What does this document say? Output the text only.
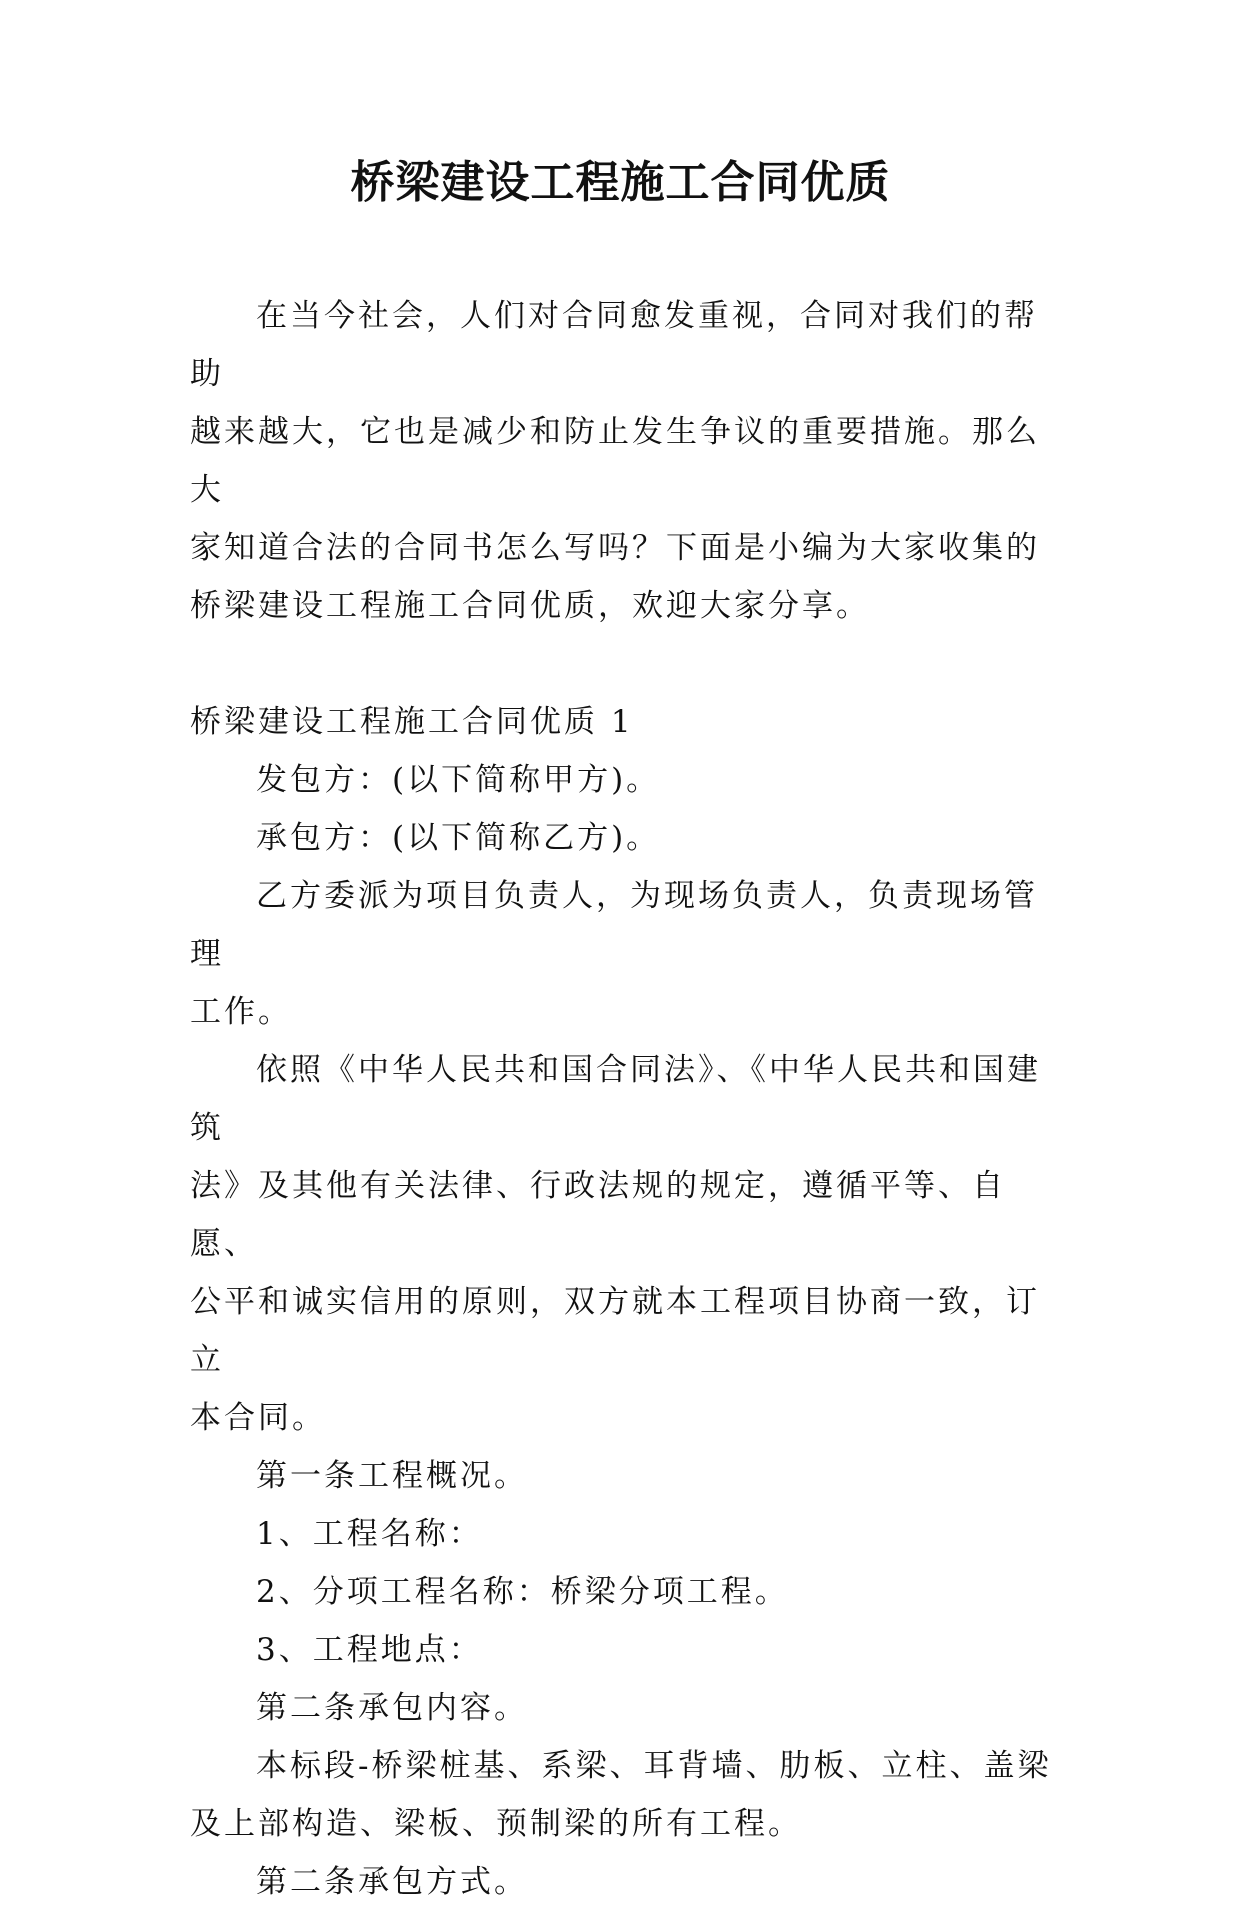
桥梁建设工程施工合同优质

在当今社会，人们对合同愈发重视，合同对我们的帮助

越来越大，它也是减少和防止发生争议的重要措施。那么大

家知道合法的合同书怎么写吗？下面是小编为大家收集的

桥梁建设工程施工合同优质，欢迎大家分享。

桥梁建设工程施工合同优质 1

发包方：(以下简称甲方)。

承包方：(以下简称乙方)。

乙方委派为项目负责人，为现场负责人，负责现场管理

工作。

依照《中华人民共和国合同法》、《中华人民共和国建筑

法》及其他有关法律、行政法规的规定，遵循平等、自愿、

公平和诚实信用的原则，双方就本工程项目协商一致，订立

本合同。

第一条工程概况。

1、工程名称：

2、分项工程名称：桥梁分项工程。

3、工程地点：

第二条承包内容。

本标段-桥梁桩基、系梁、耳背墙、肋板、立柱、盖梁

及上部构造、梁板、预制梁的所有工程。

第二条承包方式。
